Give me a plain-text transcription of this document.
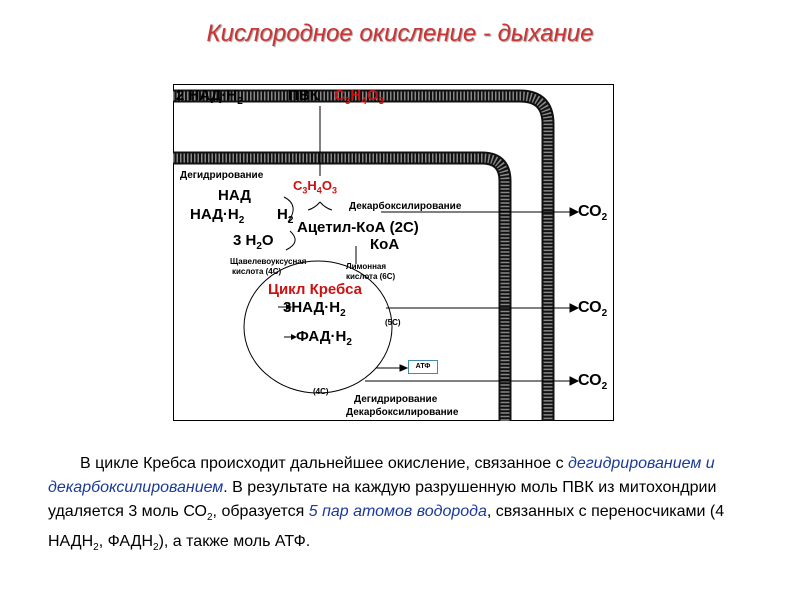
Кислородное окисление - дыхание
2 $НАД\cdot Н_2$	ПВК $C_3H_4O_3$
Дегидрирование
$С_3Н_4О_3$
НАД
Декарбоксилирование
$НАД\cdot Н_2$ $Н_2$ Ацетил-КоА (2С)
3 $Н_2О$	КоА
Щавелевоуксусная
кислота (4С)
Лимонная
кислота (6С)
Цикл Кребса
$3НАД\cdot Н_2$
(5С)
$ФАД\cdot Н_2$
АТФ
(4С)
Дегидрирование
Декарбоксилирование
$СО_2$
$СО_2$
$СО_2$
В цикле Кребса происходит дальнейшее окисление, связанное с дегидрированием и декарбоксилированием. В результате на каждую разрушенную моль ПВК из митохондрии удаляется 3 моль $СО_2$, образуется 5 пар атомов водорода, связанных с переносчиками (4 $НАДН_2$, $ФАДН_2$), а также моль АТФ.
